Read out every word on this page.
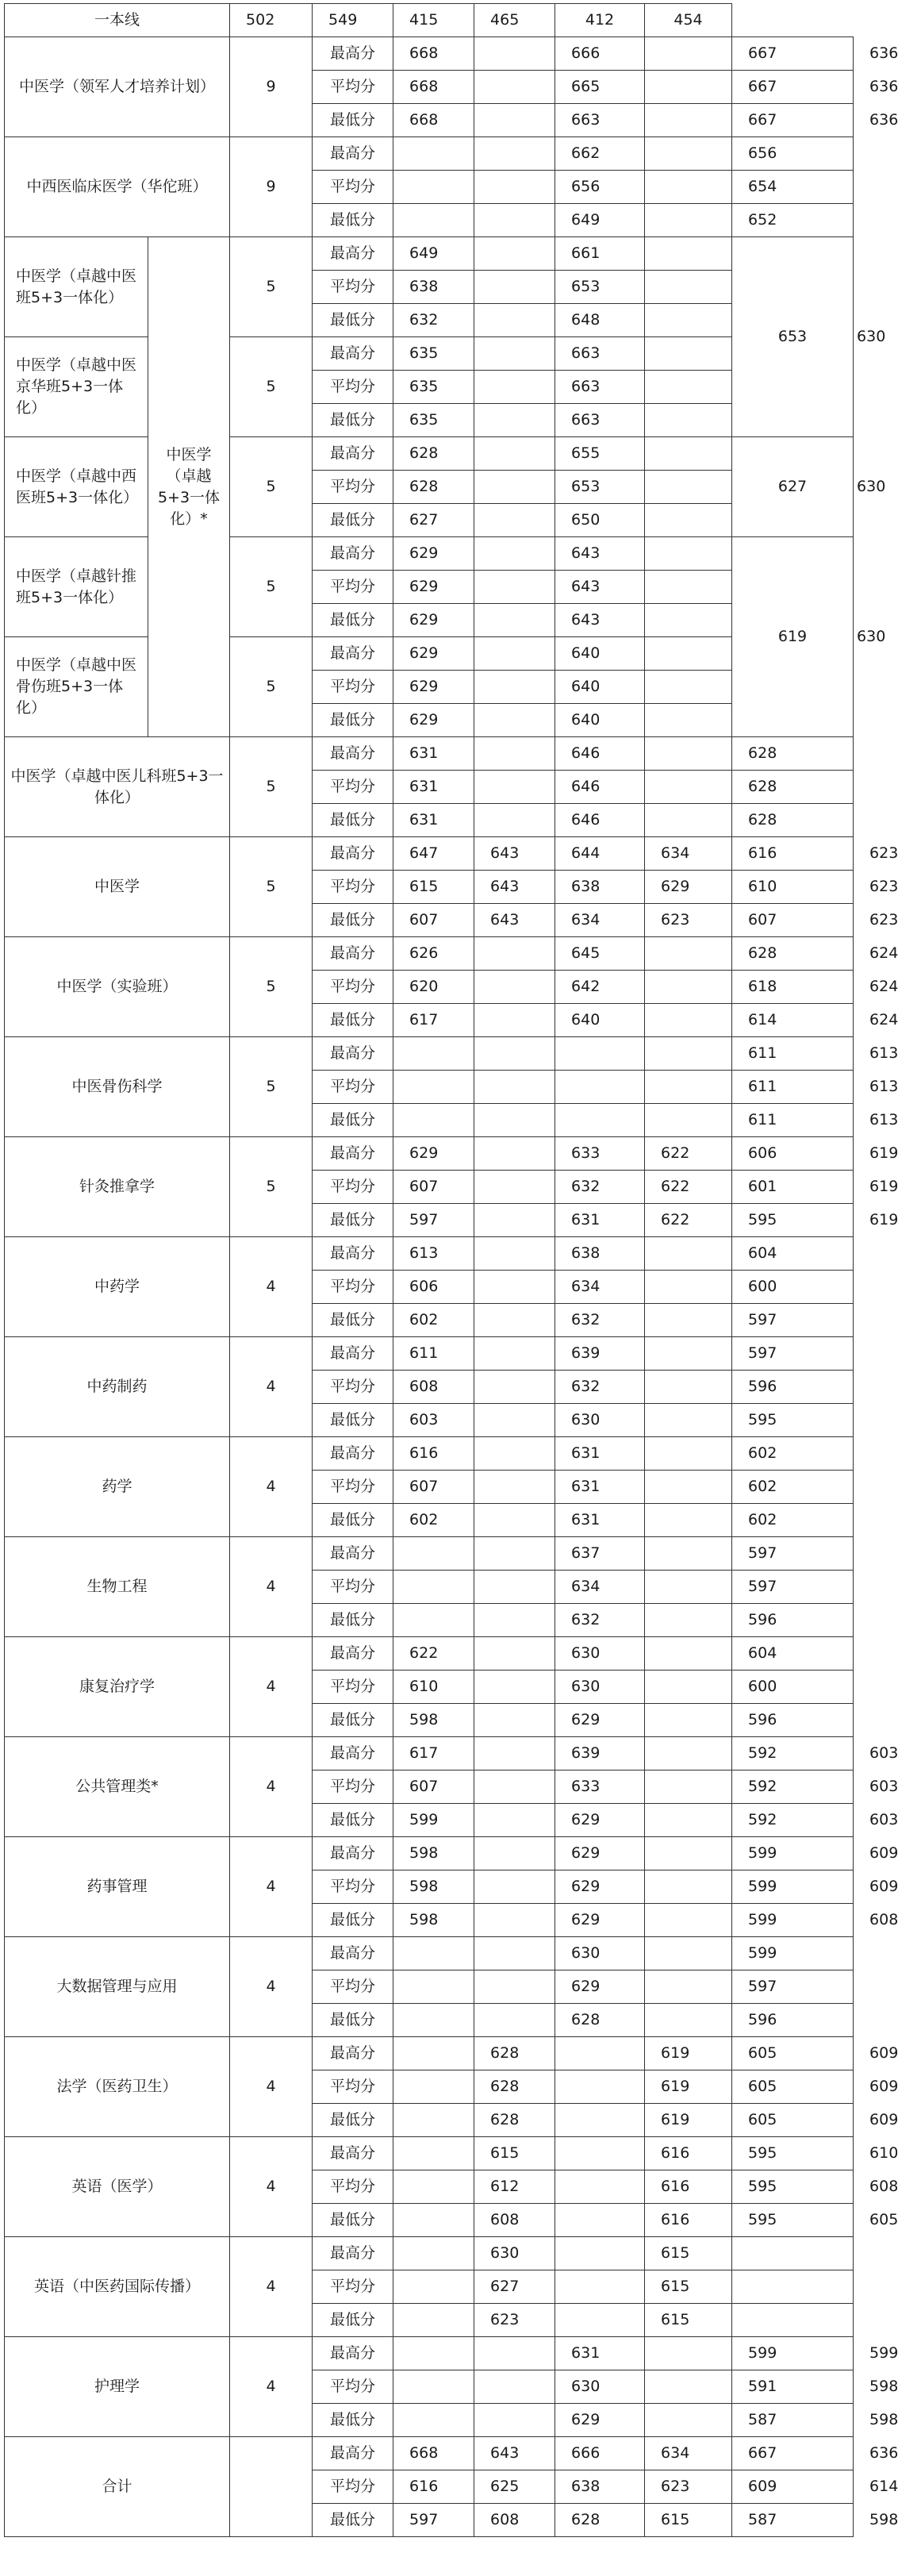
一本线		502	549	415	465	412	454		
中医学（领军人才培养计划）		9	最高分	668		666		667	636
			平均分	668		665		667	636
			最低分	668		663		667	636
中西医临床医学（华佗班）		9	最高分			662		656	
			平均分			656		654	
			最低分			649		652	
中医学（卓越中医班5+3一体化）	中医学（卓越5+3一体化）*	5	最高分	649		661		653	630
			平均分	638		653			
			最低分	632		648			
中医学（卓越中医京华班5+3一体化）		5	最高分	635		663			
			平均分	635		663			
			最低分	635		663			
中医学（卓越中西医班5+3一体化）		5	最高分	628		655		627	630
			平均分	628		653			
			最低分	627		650			
中医学（卓越针推班5+3一体化）		5	最高分	629		643		619	630
			平均分	629		643			
			最低分	629		643			
中医学（卓越中医骨伤班5+3一体化）		5	最高分	629		640			
			平均分	629		640			
			最低分	629		640			
中医学（卓越中医儿科班5+3一体化）		5	最高分	631		646		628	
			平均分	631		646		628	
			最低分	631		646		628	
中医学		5	最高分	647	643	644	634	616	623
			平均分	615	643	638	629	610	623
			最低分	607	643	634	623	607	623
中医学（实验班）		5	最高分	626		645		628	624
			平均分	620		642		618	624
			最低分	617		640		614	624
中医骨伤科学		5	最高分					611	613
			平均分					611	613
			最低分					611	613
针灸推拿学		5	最高分	629		633	622	606	619
			平均分	607		632	622	601	619
			最低分	597		631	622	595	619
中药学		4	最高分	613		638		604	
			平均分	606		634		600	
			最低分	602		632		597	
中药制药		4	最高分	611		639		597	
			平均分	608		632		596	
			最低分	603		630		595	
药学		4	最高分	616		631		602	
			平均分	607		631		602	
			最低分	602		631		602	
生物工程		4	最高分			637		597	
			平均分			634		597	
			最低分			632		596	
康复治疗学		4	最高分	622		630		604	
			平均分	610		630		600	
			最低分	598		629		596	
公共管理类*		4	最高分	617		639		592	603
			平均分	607		633		592	603
			最低分	599		629		592	603
药事管理		4	最高分	598		629		599	609
			平均分	598		629		599	609
			最低分	598		629		599	608
大数据管理与应用		4	最高分			630		599	
			平均分			629		597	
			最低分			628		596	
法学（医药卫生）		4	最高分		628		619	605	609
			平均分		628		619	605	609
			最低分		628		619	605	609
英语（医学）		4	最高分		615		616	595	610
			平均分		612		616	595	608
			最低分		608		616	595	605
英语（中医药国际传播）		4	最高分		630		615		
			平均分		627		615		
			最低分		623		615		
护理学		4	最高分			631		599	599
			平均分			630		591	598
			最低分			629		587	598
合计			最高分	668	643	666	634	667	636
			平均分	616	625	638	623	609	614
			最低分	597	608	628	615	587	598
